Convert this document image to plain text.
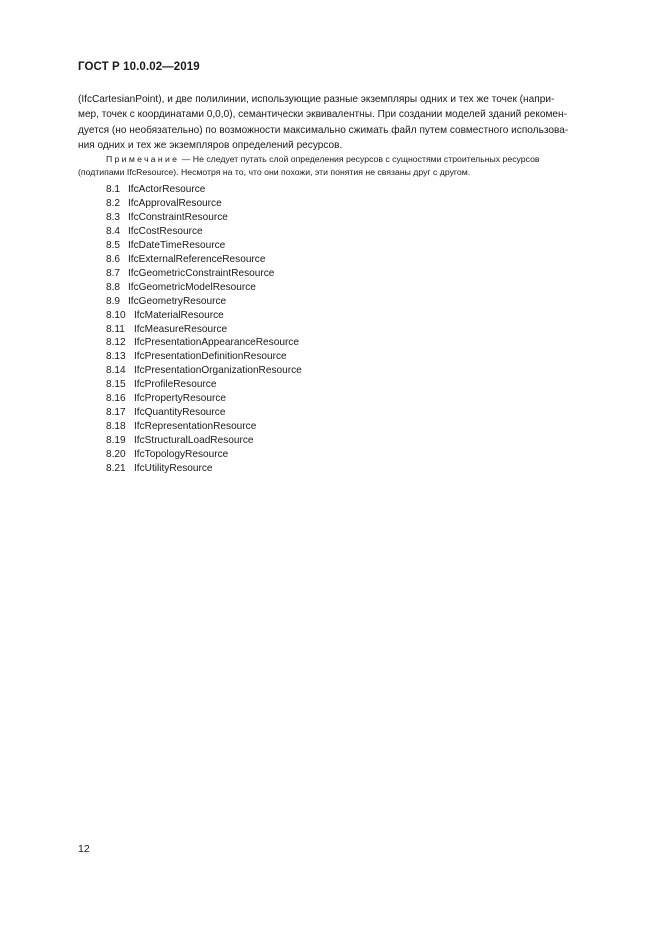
ГОСТ Р 10.0.02—2019
(IfcCartesianPoint), и две полилинии, использующие разные экземпляры одних и тех же точек (напри-
мер, точек с координатами 0,0,0), семантически эквивалентны. При создании моделей зданий рекомен-
дуется (но необязательно) по возможности максимально сжимать файл путем совместного использова-
ния одних и тех же экземпляров определений ресурсов.
Примечание — Не следует путать слой определения ресурсов с сущностями строительных ресурсов
(подтипами IfcResource). Несмотря на то, что они похожи, эти понятия не связаны друг с другом.
8.1 IfcActorResource
8.2 IfcApprovalResource
8.3 IfcConstraintResource
8.4 IfcCostResource
8.5 IfcDateTimeResource
8.6 IfcExternalReferenceResource
8.7 IfcGeometricConstraintResource
8.8 IfcGeometricModelResource
8.9 IfcGeometryResource
8.10 IfcMaterialResource
8.11 IfcMeasureResource
8.12 IfcPresentationAppearanceResource
8.13 IfcPresentationDefinitionResource
8.14 IfcPresentationOrganizationResource
8.15 IfcProfileResource
8.16 IfcPropertyResource
8.17 IfcQuantityResource
8.18 IfcRepresentationResource
8.19 IfcStructuralLoadResource
8.20 IfcTopologyResource
8.21 IfcUtilityResource
12
